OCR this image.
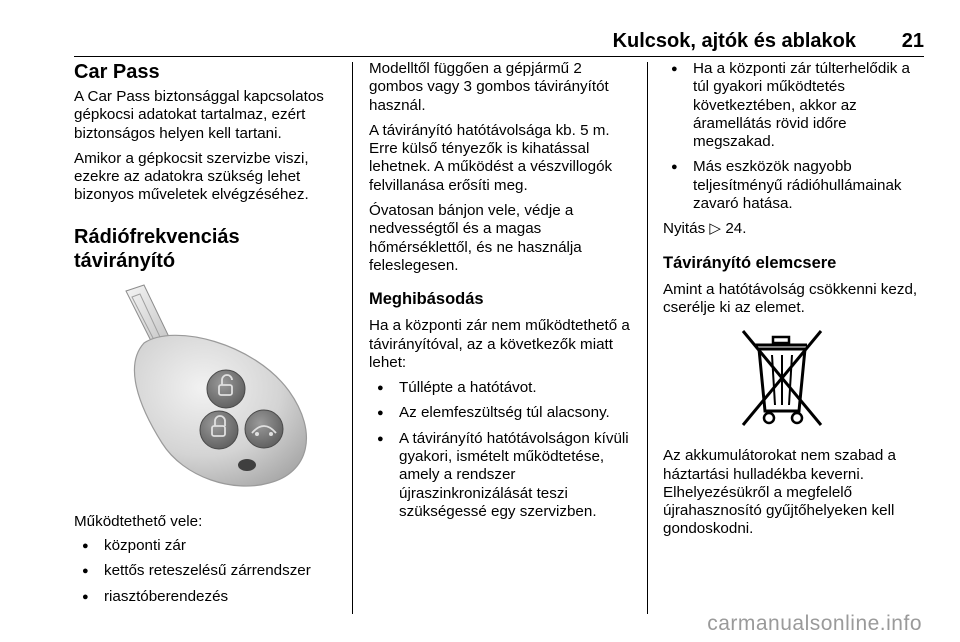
Kulcsok, ajtók és ablakok 21
Car Pass

A Car Pass biztonsággal kapcsolatos gépkocsi adatokat tartalmaz, ezért biztonságos helyen kell tartani.

Amikor a gépkocsit szervizbe viszi, ezekre az adatokra szükség lehet bizonyos műveletek elvégzéséhez.

Rádiófrekvenciás
távirányító

Működtethető vele:

● központi zár
● kettős reteszelésű zárrendszer
● riasztóberendezés

Modelltől függően a gépjármű 2 gombos vagy 3 gombos távirányítót használ.

A távirányító hatótávolsága kb. 5 m. Erre külső tényezők is kihatással lehetnek. A működést a vészvillogók felvillanása erősíti meg.

Óvatosan bánjon vele, védje a nedvességtől és a magas hőmérséklettől, és ne használja feleslegesen.

Meghibásodás

Ha a központi zár nem működtethető a távirányítóval, az a következők miatt lehet:

● Túllépte a hatótávot.
● Az elemfeszültség túl alacsony.
● A távirányító hatótávolságon kívüli gyakori, ismételt működtetése, amely a rendszer újraszinkronizálását teszi szükségessé egy szervizben.
● Ha a központi zár túlterhelődik a túl gyakori működtetés következtében, akkor az áramellátás rövid időre megszakad.
● Más eszközök nagyobb teljesítményű rádióhullámainak zavaró hatása.

Nyitás ▷ 24.

Távirányító elemcsere

Amint a hatótávolság csökkenni kezd, cserélje ki az elemet.

Az akkumulátorokat nem szabad a háztartási hulladékba keverni. Elhelyezésükről a megfelelő újrahasznosító gyűjtőhelyeken kell gondoskodni.

carmanualsonline.info
